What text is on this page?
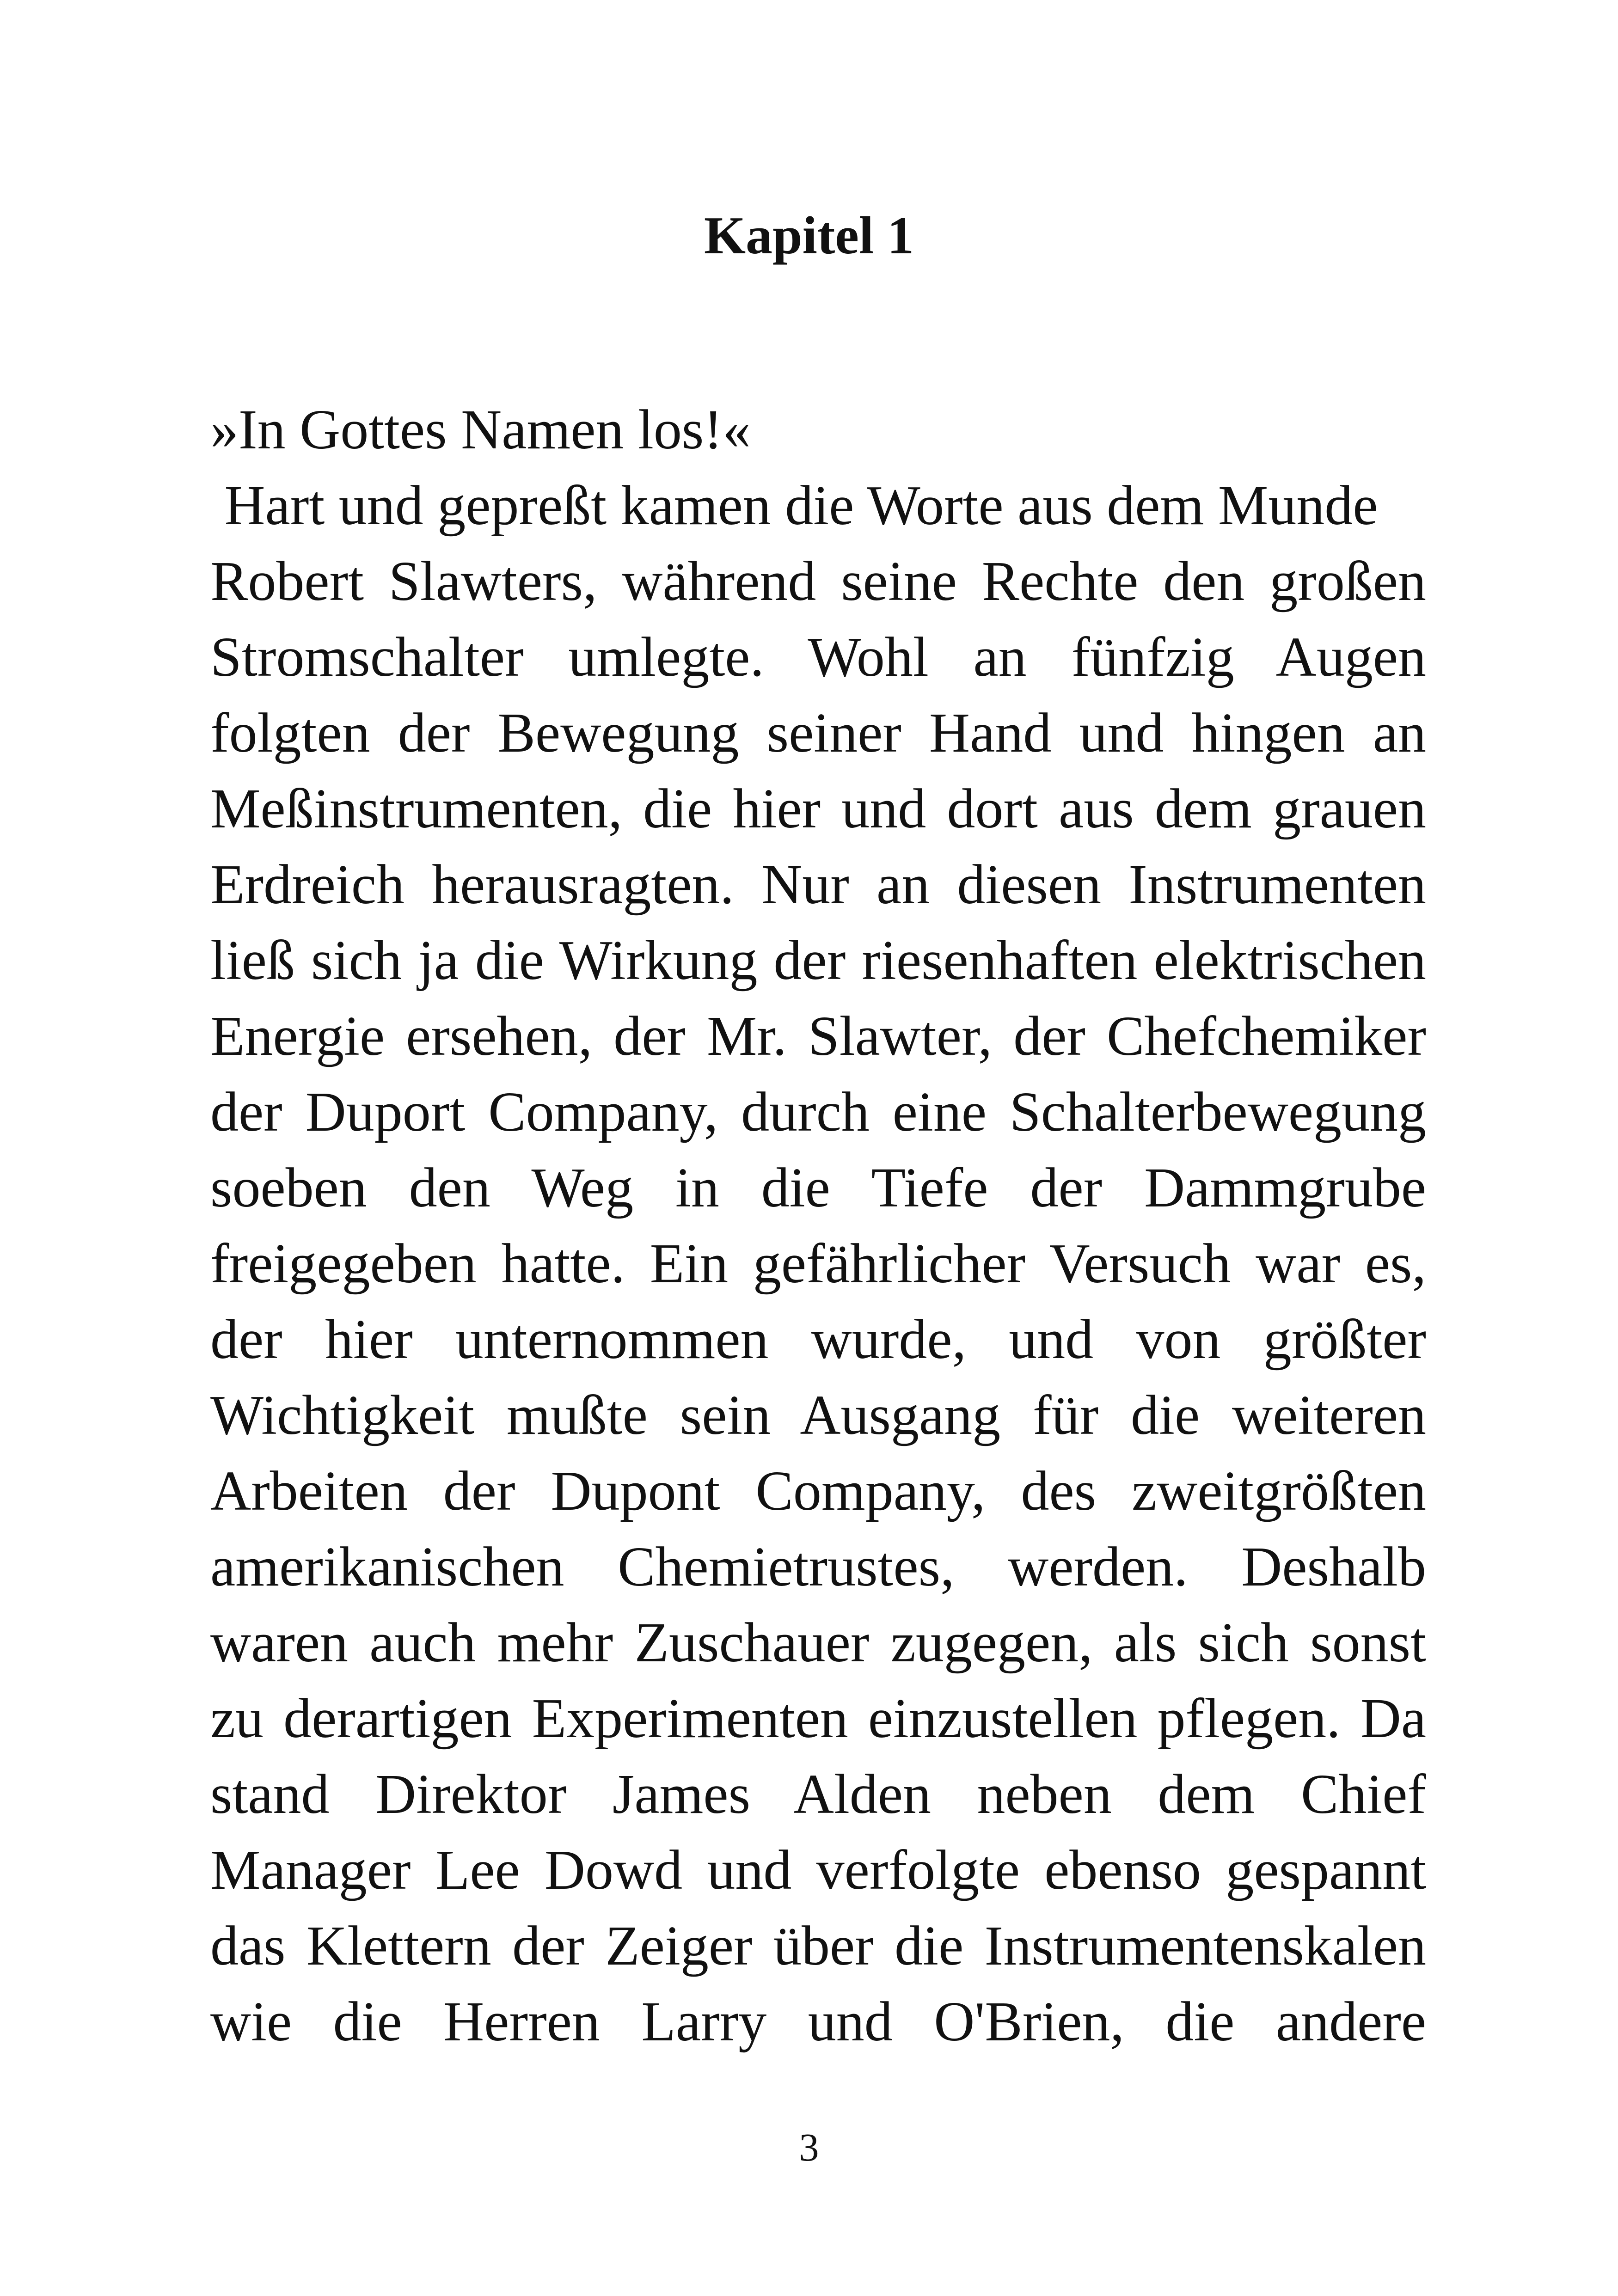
Kapitel 1
»In Gottes Namen los!«
Hart und gepreßt kamen die Worte aus dem Munde
Robert Slawters, während seine Rechte den großen
Stromschalter umlegte. Wohl an fünfzig Augen
folgten der Bewegung seiner Hand und hingen an
Meßinstrumenten, die hier und dort aus dem grauen
Erdreich herausragten. Nur an diesen Instrumenten
ließ sich ja die Wirkung der riesenhaften elektrischen
Energie ersehen, der Mr. Slawter, der Chefchemiker
der Duport Company, durch eine Schalterbewegung
soeben den Weg in die Tiefe der Dammgrube
freigegeben hatte. Ein gefährlicher Versuch war es,
der hier unternommen wurde, und von größter
Wichtigkeit mußte sein Ausgang für die weiteren
Arbeiten der Dupont Company, des zweitgrößten
amerikanischen Chemietrustes, werden. Deshalb
waren auch mehr Zuschauer zugegen, als sich sonst
zu derartigen Experimenten einzustellen pflegen. Da
stand Direktor James Alden neben dem Chief
Manager Lee Dowd und verfolgte ebenso gespannt
das Klettern der Zeiger über die Instrumentenskalen
wie die Herren Larry und O'Brien, die andere
3
